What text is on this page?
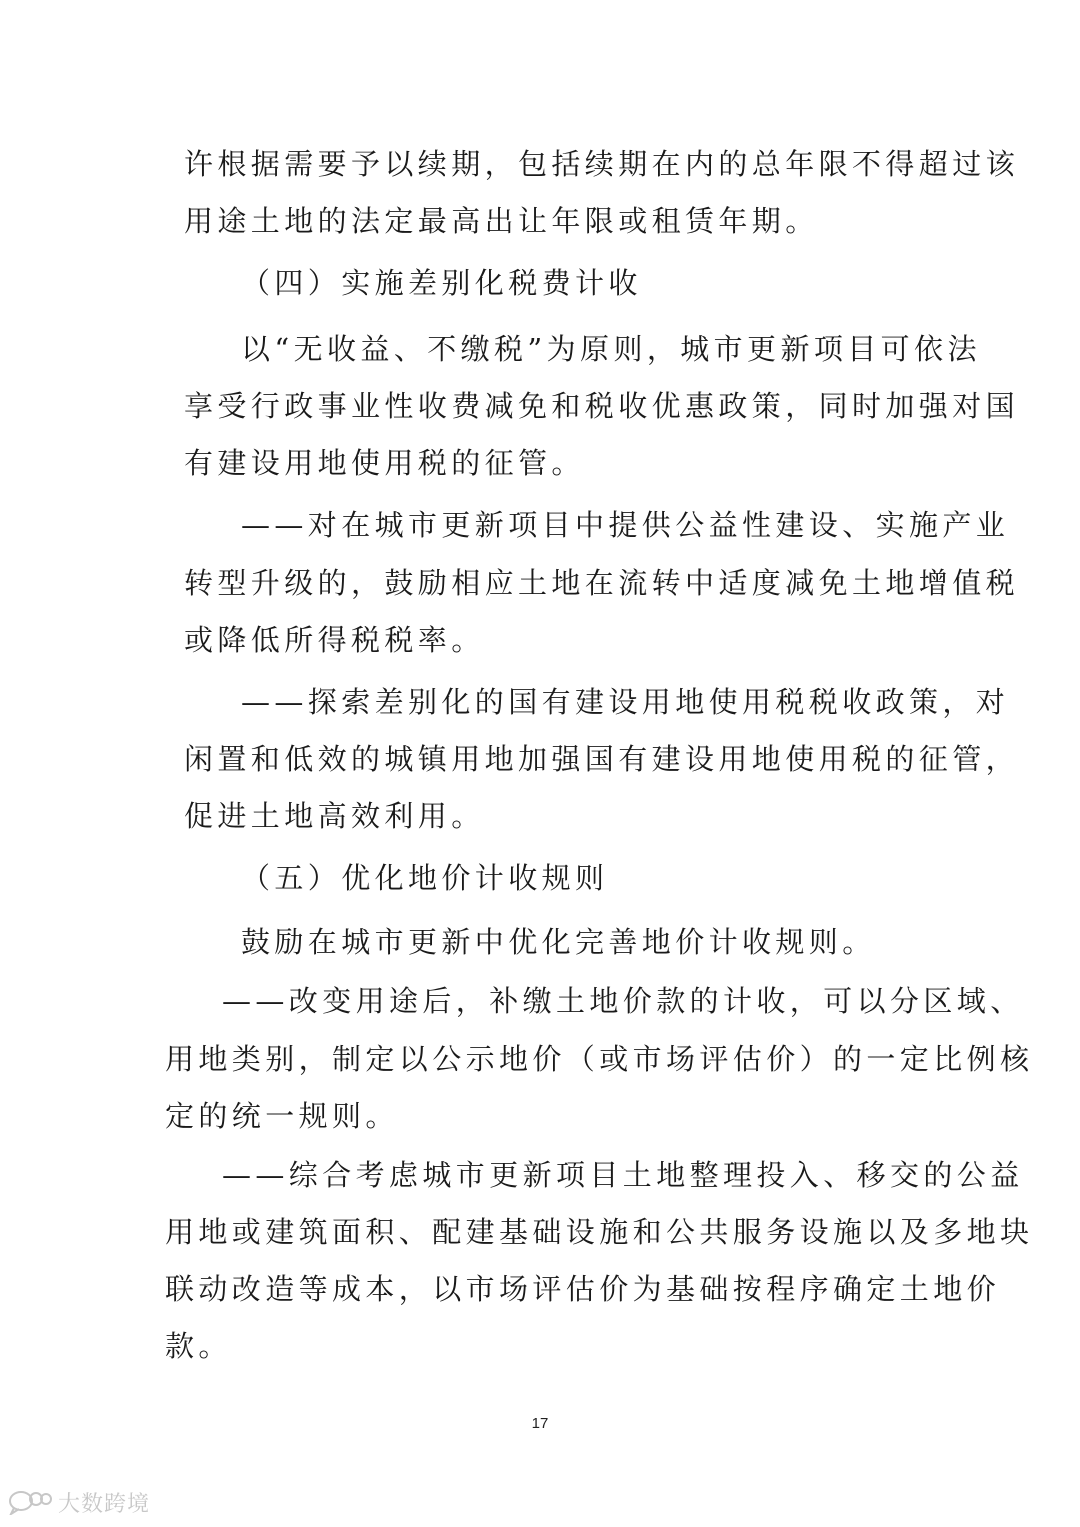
许根据需要予以续期，包括续期在内的总年限不得超过该
用途土地的法定最高出让年限或租赁年期。
（四）实施差别化税费计收
以“无收益、不缴税”为原则，城市更新项目可依法
享受行政事业性收费减免和税收优惠政策，同时加强对国
有建设用地使用税的征管。
——对在城市更新项目中提供公益性建设、实施产业
转型升级的，鼓励相应土地在流转中适度减免土地增值税
或降低所得税税率。
——探索差别化的国有建设用地使用税税收政策，对
闲置和低效的城镇用地加强国有建设用地使用税的征管，
促进土地高效利用。
（五）优化地价计收规则
鼓励在城市更新中优化完善地价计收规则。
——改变用途后，补缴土地价款的计收，可以分区域、
用地类别，制定以公示地价（或市场评估价）的一定比例核
定的统一规则。
——综合考虑城市更新项目土地整理投入、移交的公益
用地或建筑面积、配建基础设施和公共服务设施以及多地块
联动改造等成本，以市场评估价为基础按程序确定土地价
款。
17
大数跨境
